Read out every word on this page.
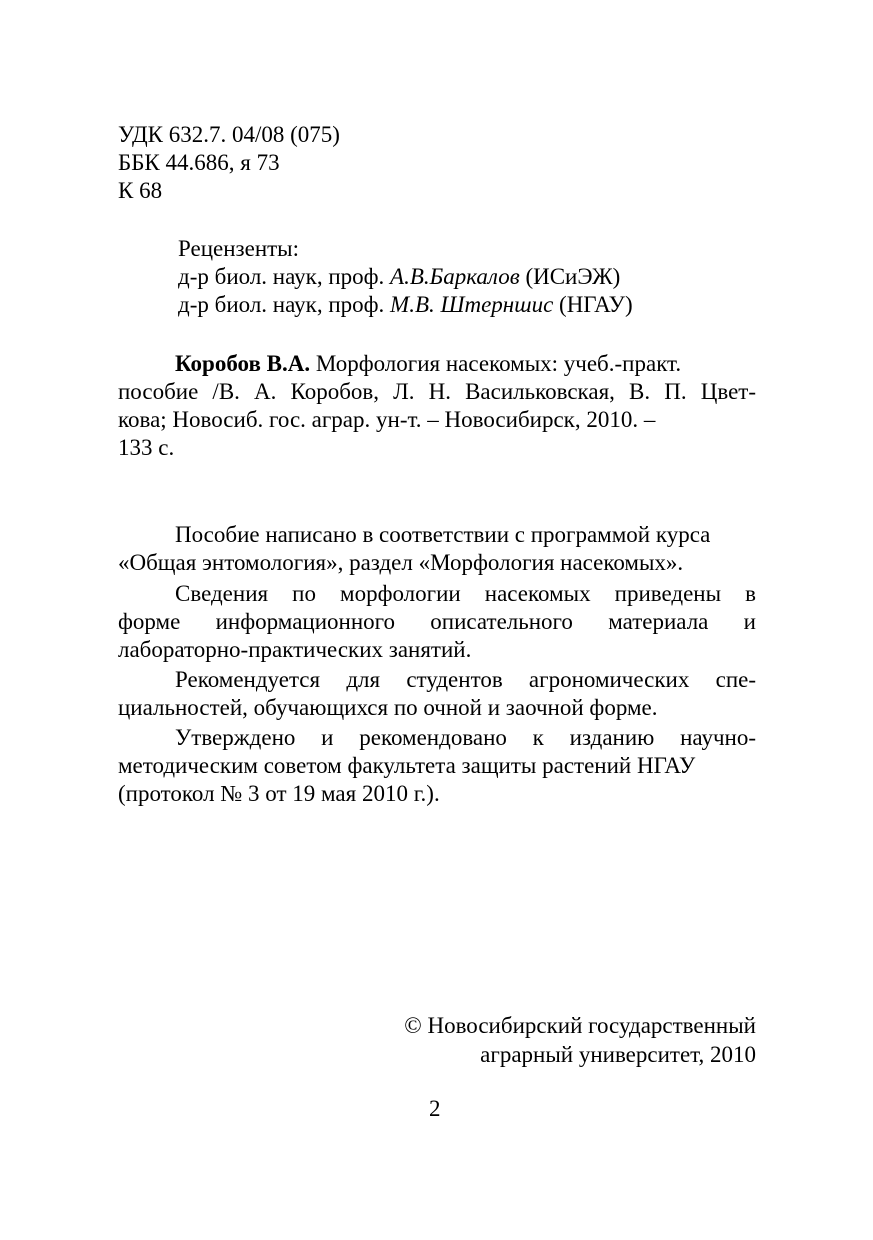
УДК 632.7. 04/08 (075)
ББК 44.686, я 73
К 68
Рецензенты:
д-р биол. наук, проф. А.В.Баркалов (ИСиЭЖ)
д-р биол. наук, проф. М.В. Штерншис (НГАУ)
Коробов В.А. Морфология насекомых: учеб.-практ.
пособие /В. А. Коробов, Л. Н. Васильковская, В. П. Цвет-
кова; Новосиб. гос. аграр. ун-т. – Новосибирск, 2010. –
133 с.
Пособие написано в соответствии с программой курса
«Общая энтомология», раздел «Морфология насекомых».
Сведения по морфологии насекомых приведены в
форме информационного описательного материала и
лабораторно-практических занятий.
Рекомендуется для студентов агрономических спе-
циальностей, обучающихся по очной и заочной форме.
Утверждено и рекомендовано к изданию научно-
методическим советом факультета защиты растений НГАУ
(протокол № 3 от 19 мая 2010 г.).
© Новосибирский государственный
аграрный университет, 2010
2
